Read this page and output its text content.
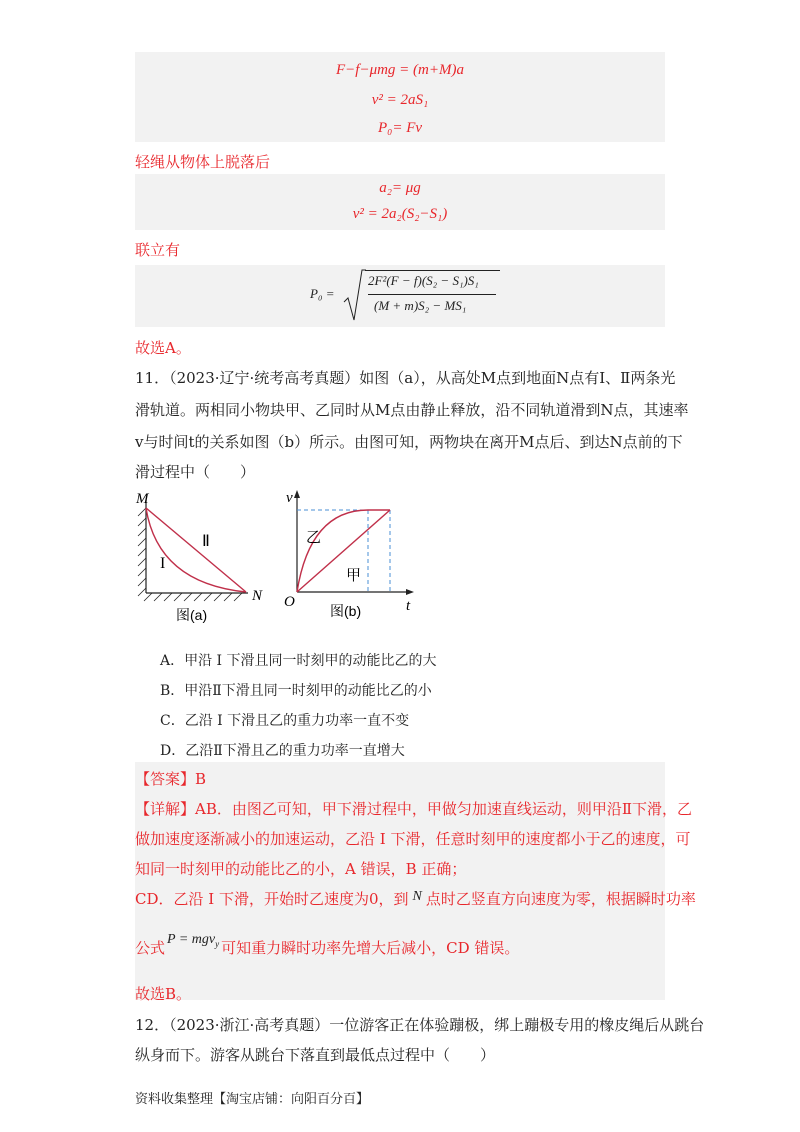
F−f−μmg = (m+M)a
v² = 2aS₁
P₀= Fv
轻绳从物体上脱落后
a₂= μg
v² = 2a₂(S₂−S₁)
联立有
P₀ =
2F²(F − f)(S₂ − S₁)S₁
(M + m)S₂ − MS₁
故选A。
11．（2023·辽宁·统考高考真题）如图（a），从高处M点到地面N点有Ⅰ、Ⅱ两条光
滑轨道。两相同小物块甲、乙同时从M点由静止释放，沿不同轨道滑到N点，其速率
v与时间t的关系如图（b）所示。由图可知，两物块在离开M点后、到达N点前的下
滑过程中（　　）
M
N
I
Ⅱ
图(a)
v
t
O
乙
甲
图(b)
A．甲沿 I 下滑且同一时刻甲的动能比乙的大
B．甲沿Ⅱ下滑且同一时刻甲的动能比乙的小
C．乙沿 I 下滑且乙的重力功率一直不变
D．乙沿Ⅱ下滑且乙的重力功率一直增大
【答案】B
【详解】AB．由图乙可知，甲下滑过程中，甲做匀加速直线运动，则甲沿Ⅱ下滑，乙
做加速度逐渐减小的加速运动，乙沿 I 下滑，任意时刻甲的速度都小于乙的速度，可
知同一时刻甲的动能比乙的小，A 错误，B 正确；
CD．乙沿 I 下滑，开始时乙速度为0，到 N 点时乙竖直方向速度为零，根据瞬时功率
公式 P = mgv$_y$ 可知重力瞬时功率先增大后减小，CD 错误。
故选B。
12．（2023·浙江·高考真题）一位游客正在体验蹦极，绑上蹦极专用的橡皮绳后从跳台
纵身而下。游客从跳台下落直到最低点过程中（　　）
资料收集整理【淘宝店铺：向阳百分百】
